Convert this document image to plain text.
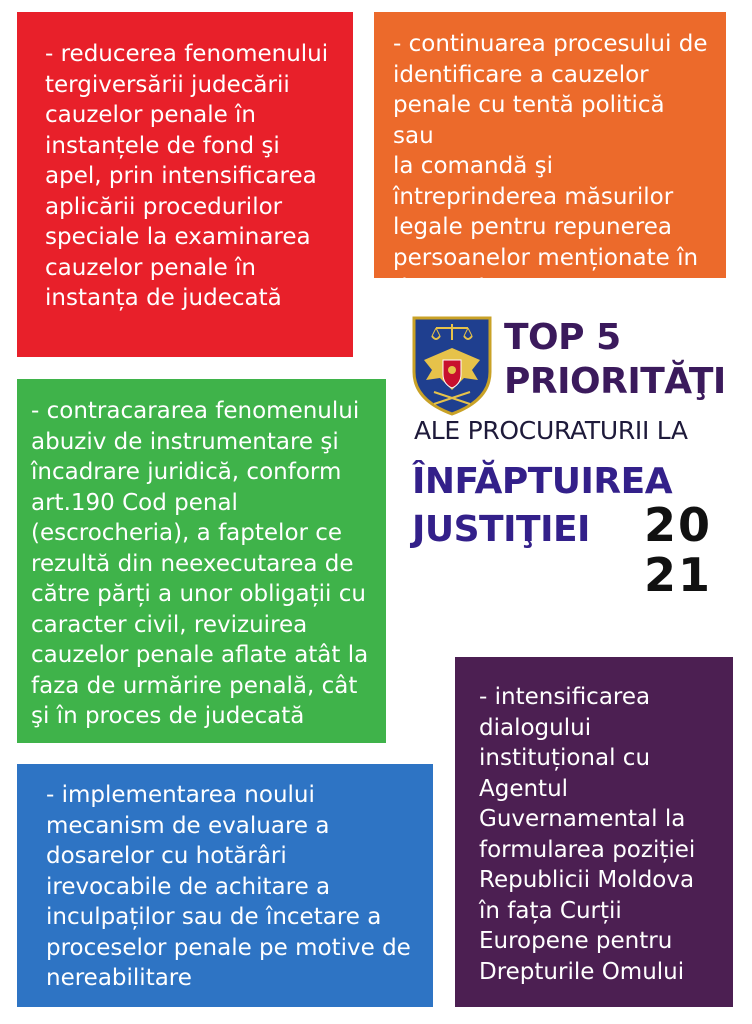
- reducerea fenomenului

tergiversării judecării

cauzelor penale în

instanțele de fond şi

apel, prin intensificarea

aplicării procedurilor

speciale la examinarea

cauzelor penale în

instanța de judecată

- continuarea procesului de

identificare a cauzelor

penale cu tentă politică sau

la comandă şi

întreprinderea măsurilor

legale pentru repunerea

persoanelor menționate în

drepturi

TOP 5
PRIORITĂŢI
ALE PROCURATURII LA
ÎNFĂPTUIREA
JUSTIŢIEI 20
21

- contracararea fenomenului

abuziv de instrumentare şi

încadrare juridică, conform

art.190 Cod penal

(escrocheria), a faptelor ce

rezultă din neexecutarea de

către părți a unor obligații cu

caracter civil, revizuirea

cauzelor penale aflate atât la

faza de urmărire penală, cât

şi în proces de judecată

- intensificarea

dialogului

instituțional cu

Agentul

Guvernamental la

formularea poziției

Republicii Moldova

în fața Curții

Europene pentru

Drepturile Omului

- implementarea noului

mecanism de evaluare a

dosarelor cu hotărâri

irevocabile de achitare a

inculpaților sau de încetare a

proceselor penale pe motive de

nereabilitare
